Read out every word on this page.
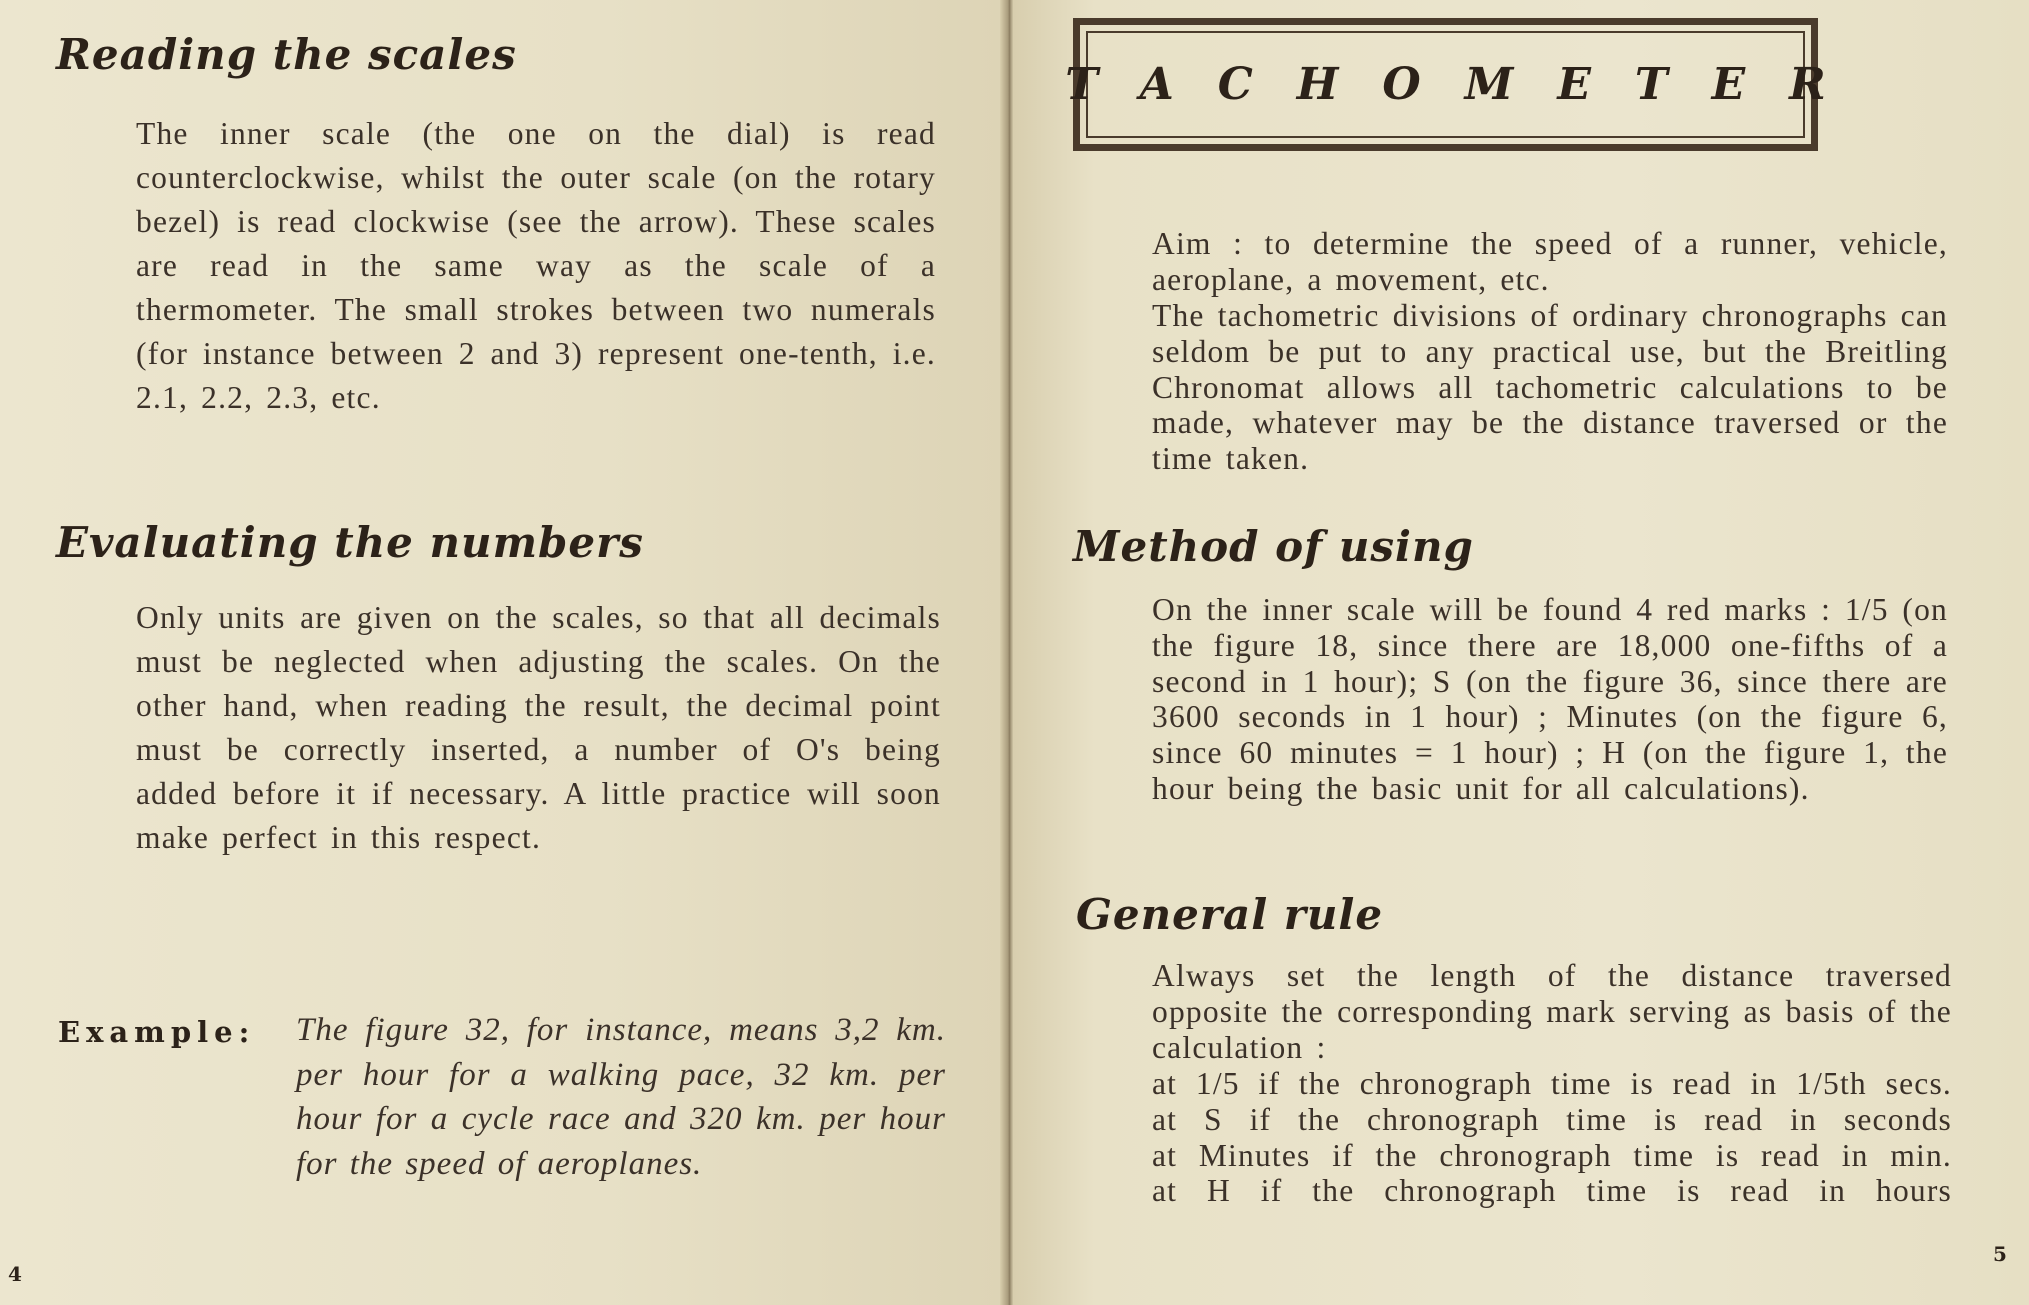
Reading the scales

The inner scale (the one on the dial) is read counterclockwise, whilst the outer scale (on the rotary bezel) is read clockwise (see the arrow). These scales are read in the same way as the scale of a thermometer. The small strokes between two numerals (for instance between 2 and 3) represent one-tenth, i.e. 2.1, 2.2, 2.3, etc.

Evaluating the numbers

Only units are given on the scales, so that all decimals must be neglected when adjusting the scales. On the other hand, when reading the result, the decimal point must be correctly inserted, a number of O's being added before it if necessary. A little practice will soon make perfect in this respect.

Example: The figure 32, for instance, means 3,2 km. per hour for a walking pace, 32 km. per hour for a cycle race and 320 km. per hour for the speed of aeroplanes.

4
5
TACHOMETER

Aim : to determine the speed of a runner, vehicle, aeroplane, a movement, etc.

The tachometric divisions of ordinary chronographs can seldom be put to any practical use, but the Breitling Chronomat allows all tachometric calculations to be made, whatever may be the distance traversed or the time taken.

Method of using

On the inner scale will be found 4 red marks : 1/5 (on the figure 18, since there are 18,000 one-fifths of a second in 1 hour); S (on the figure 36, since there are 3600 seconds in 1 hour) ; Minutes (on the figure 6, since 60 minutes = 1 hour) ; H (on the figure 1, the hour being the basic unit for all calculations).

General rule

Always set the length of the distance traversed opposite the corresponding mark serving as basis of the calculation :

at 1/5 if the chronograph time is read in 1/5th secs.
at S if the chronograph time is read in seconds
at Minutes if the chronograph time is read in min.
at H if the chronograph time is read in hours
